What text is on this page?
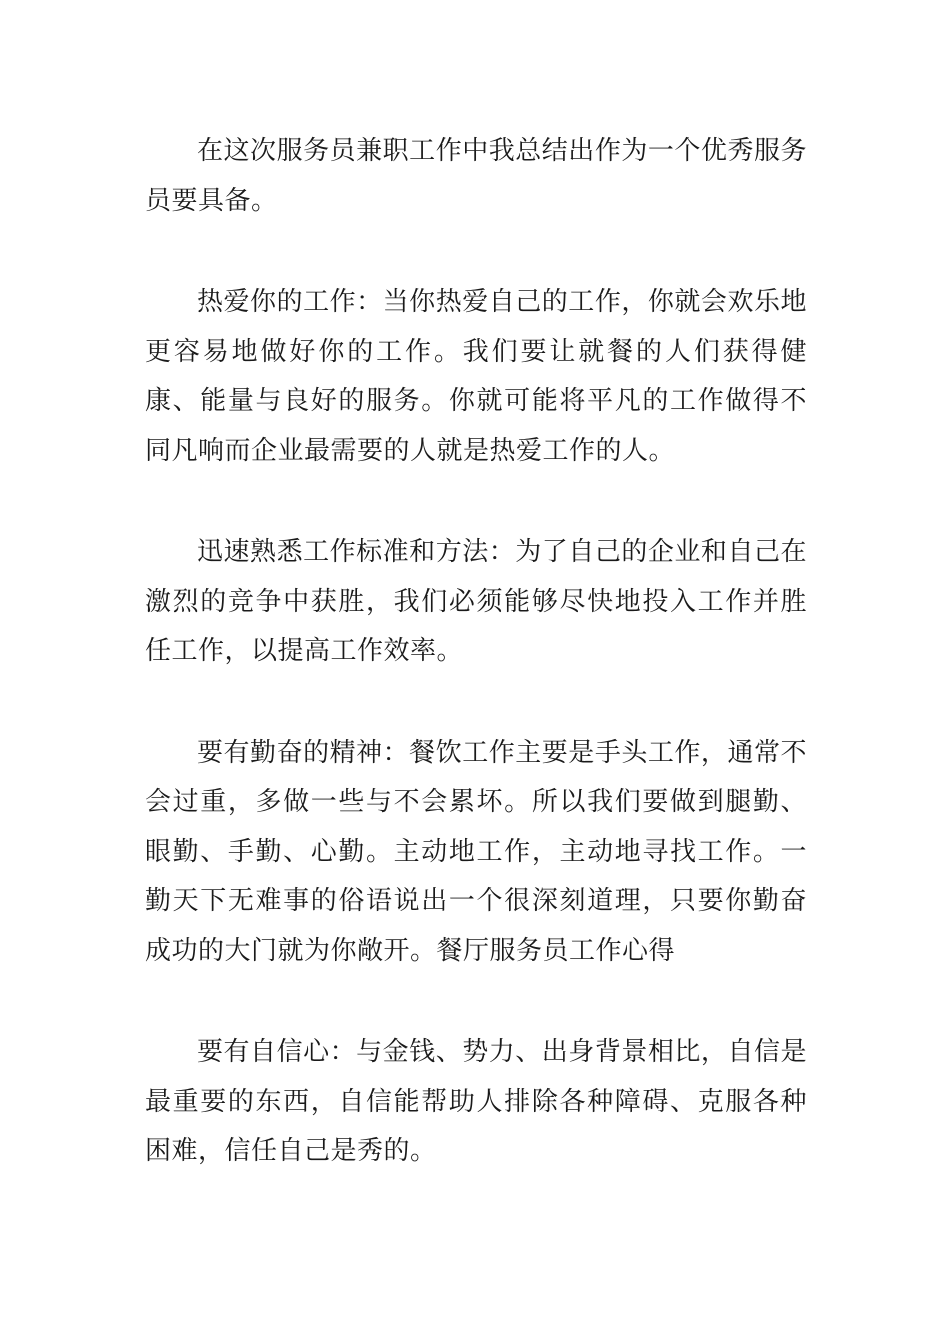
在这次服务员兼职工作中我总结出作为一个优秀服务员要具备。

热爱你的工作：当你热爱自己的工作，你就会欢乐地更容易地做好你的工作。我们要让就餐的人们获得健康、能量与良好的服务。你就可能将平凡的工作做得不同凡响而企业最需要的人就是热爱工作的人。

迅速熟悉工作标准和方法：为了自己的企业和自己在激烈的竞争中获胜，我们必须能够尽快地投入工作并胜任工作，以提高工作效率。

要有勤奋的精神：餐饮工作主要是手头工作，通常不会过重，多做一些与不会累坏。所以我们要做到腿勤、眼勤、手勤、心勤。主动地工作，主动地寻找工作。一勤天下无难事的俗语说出一个很深刻道理，只要你勤奋成功的大门就为你敞开。餐厅服务员工作心得

要有自信心：与金钱、势力、出身背景相比，自信是最重要的东西，自信能帮助人排除各种障碍、克服各种困难，信任自己是秀的。
